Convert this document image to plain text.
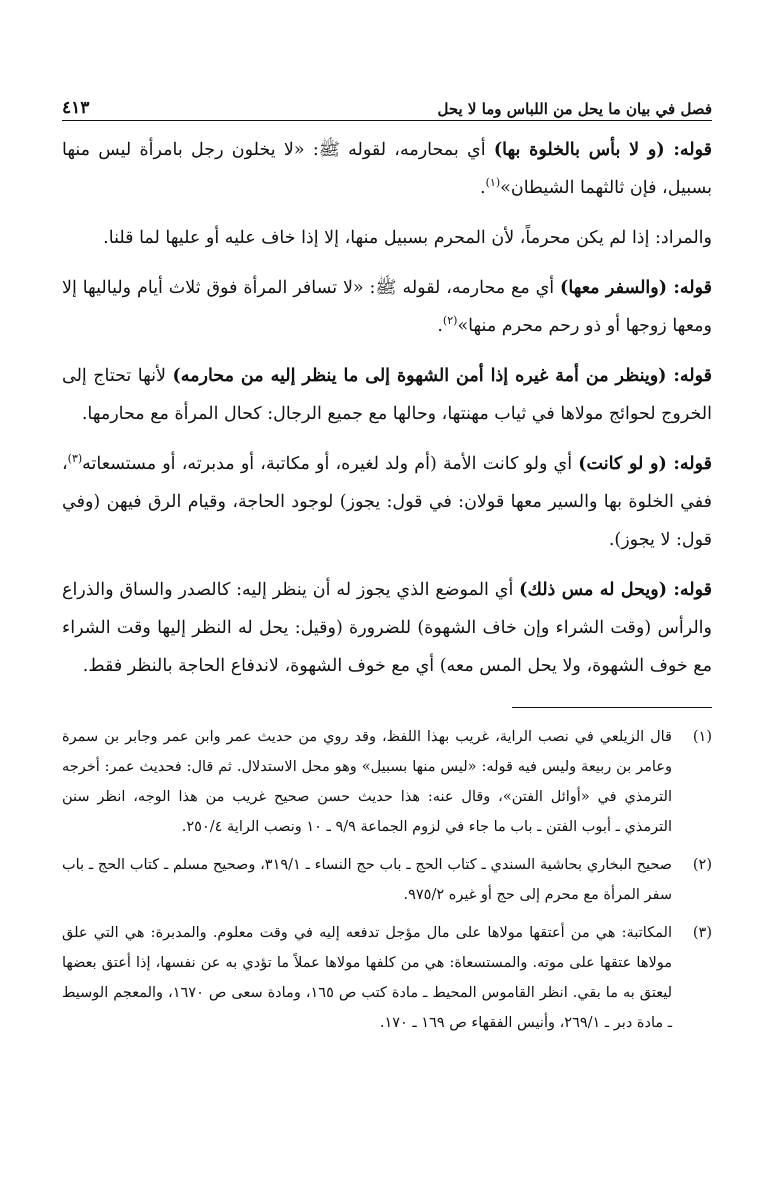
فصل في بيان ما يحل من اللباس وما لا يحل
٤١٣

قوله: (و لا بأس بالخلوة بها) أي بمحارمه، لقوله ﷺ: «لا يخلون رجل بامرأة ليس منها بسبيل، فإن ثالثهما الشيطان»$^{(١)}$.

والمراد: إذا لم يكن محرماً، لأن المحرم بسبيل منها، إلا إذا خاف عليه أو عليها لما قلنا.

قوله: (والسفر معها) أي مع محارمه، لقوله ﷺ: «لا تسافر المرأة فوق ثلاث أيام ولياليها إلا ومعها زوجها أو ذو رحم محرم منها»$^{(٢)}$.

قوله: (وينظر من أمة غيره إذا أمن الشهوة إلى ما ينظر إليه من محارمه) لأنها تحتاج إلى الخروج لحوائج مولاها في ثياب مهنتها، وحالها مع جميع الرجال: كحال المرأة مع محارمها.

قوله: (و لو كانت) أي ولو كانت الأمة (أم ولد لغيره، أو مكاتبة، أو مدبرته، أو مستسعاته$^{(٣)}$، ففي الخلوة بها والسير معها قولان: في قول: يجوز) لوجود الحاجة، وقيام الرق فيهن (وفي قول: لا يجوز).

قوله: (ويحل له مس ذلك) أي الموضع الذي يجوز له أن ينظر إليه: كالصدر والساق والذراع والرأس (وقت الشراء وإن خاف الشهوة) للضرورة (وقيل: يحل له النظر إليها وقت الشراء مع خوف الشهوة، ولا يحل المس معه) أي مع خوف الشهوة، لاندفاع الحاجة بالنظر فقط.

(١)
قال الزيلعي في نصب الراية، غريب بهذا اللفظ، وقد روي من حديث عمر وابن عمر وجابر بن سمرة وعامر بن ربيعة وليس فيه قوله: «ليس منها بسبيل» وهو محل الاستدلال. ثم قال: فحديث عمر: أخرجه الترمذي في «أوائل الفتن»، وقال عنه: هذا حديث حسن صحيح غريب من هذا الوجه، انظر سنن الترمذي ـ أبوب الفتن ـ باب ما جاء في لزوم الجماعة ٩/٩ ـ ١٠ ونصب الراية ٢٥٠/٤.
(٢)
صحيح البخاري بحاشية السندي ـ كتاب الحج ـ باب حج النساء ـ ٣١٩/١، وصحيح مسلم ـ كتاب الحج ـ باب سفر المرأة مع محرم إلى حج أو غيره ٩٧٥/٢.
(٣)
المكاتبة: هي من أعتقها مولاها على مال مؤجل تدفعه إليه في وقت معلوم. والمدبرة: هي التي علق مولاها عتقها على موته. والمستسعاة: هي من كلفها مولاها عملاً ما تؤدي به عن نفسها، إذا أعتق بعضها ليعتق به ما بقي. انظر القاموس المحيط ـ مادة كتب ص ١٦٥، ومادة سعى ص ١٦٧٠، والمعجم الوسيط ـ مادة دبر ـ ٢٦٩/١، وأنيس الفقهاء ص ١٦٩ ـ ١٧٠.
